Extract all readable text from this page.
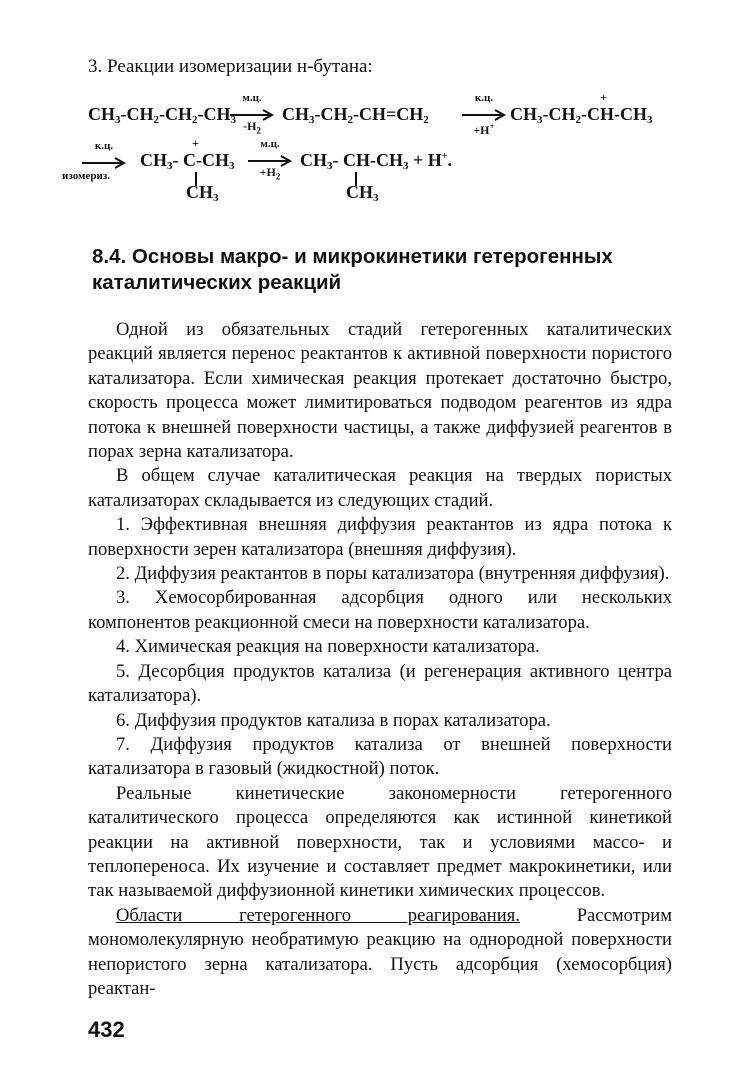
3. Реакции изомеризации н-бутана:
$CH_3-CH_2-CH_2-CH_3$
м.ц.
$-H_2$
$CH_3-CH_2-CH=CH_2$
к.ц.
+H+
$CH_3-CH_2-CH-CH_3$
+
к.ц.
изомериз.
$CH_3-$ $C-CH_3$
+
$CH_3$
м.ц.
$+H_2$
$CH_3-$ $CH-CH_3 + H^+$.
$CH_3$
8.4. Основы макро- и микрокинетики гетерогенных каталитических реакций

Одной из обязательных стадий гетерогенных каталитических реакций является перенос реактантов к активной поверхности пористого катализатора. Если химическая реакция протекает достаточно быстро, скорость процесса может лимитироваться подводом реагентов из ядра потока к внешней поверхности частицы, а также диффузией реагентов в порах зерна катализатора.

В общем случае каталитическая реакция на твердых пористых катализаторах складывается из следующих стадий.

1. Эффективная внешняя диффузия реактантов из ядра потока к поверхности зерен катализатора (внешняя диффузия).

2. Диффузия реактантов в поры катализатора (внутренняя диффузия).

3. Хемосорбированная адсорбция одного или нескольких компонентов реакционной смеси на поверхности катализатора.

4. Химическая реакция на поверхности катализатора.

5. Десорбция продуктов катализа (и регенерация активного центра катализатора).

6. Диффузия продуктов катализа в порах катализатора.

7. Диффузия продуктов катализа от внешней поверхности катализатора в газовый (жидкостной) поток.

Реальные кинетические закономерности гетерогенного каталитического процесса определяются как истинной кинетикой реакции на активной поверхности, так и условиями массо- и теплопереноса. Их изучение и составляет предмет макрокинетики, или так называемой диффузионной кинетики химических процессов.

Области гетерогенного реагирования. Рассмотрим мономолекулярную необратимую реакцию на однородной поверхности непористого зерна катализатора. Пусть адсорбция (хемосорбция) реактан-

432
